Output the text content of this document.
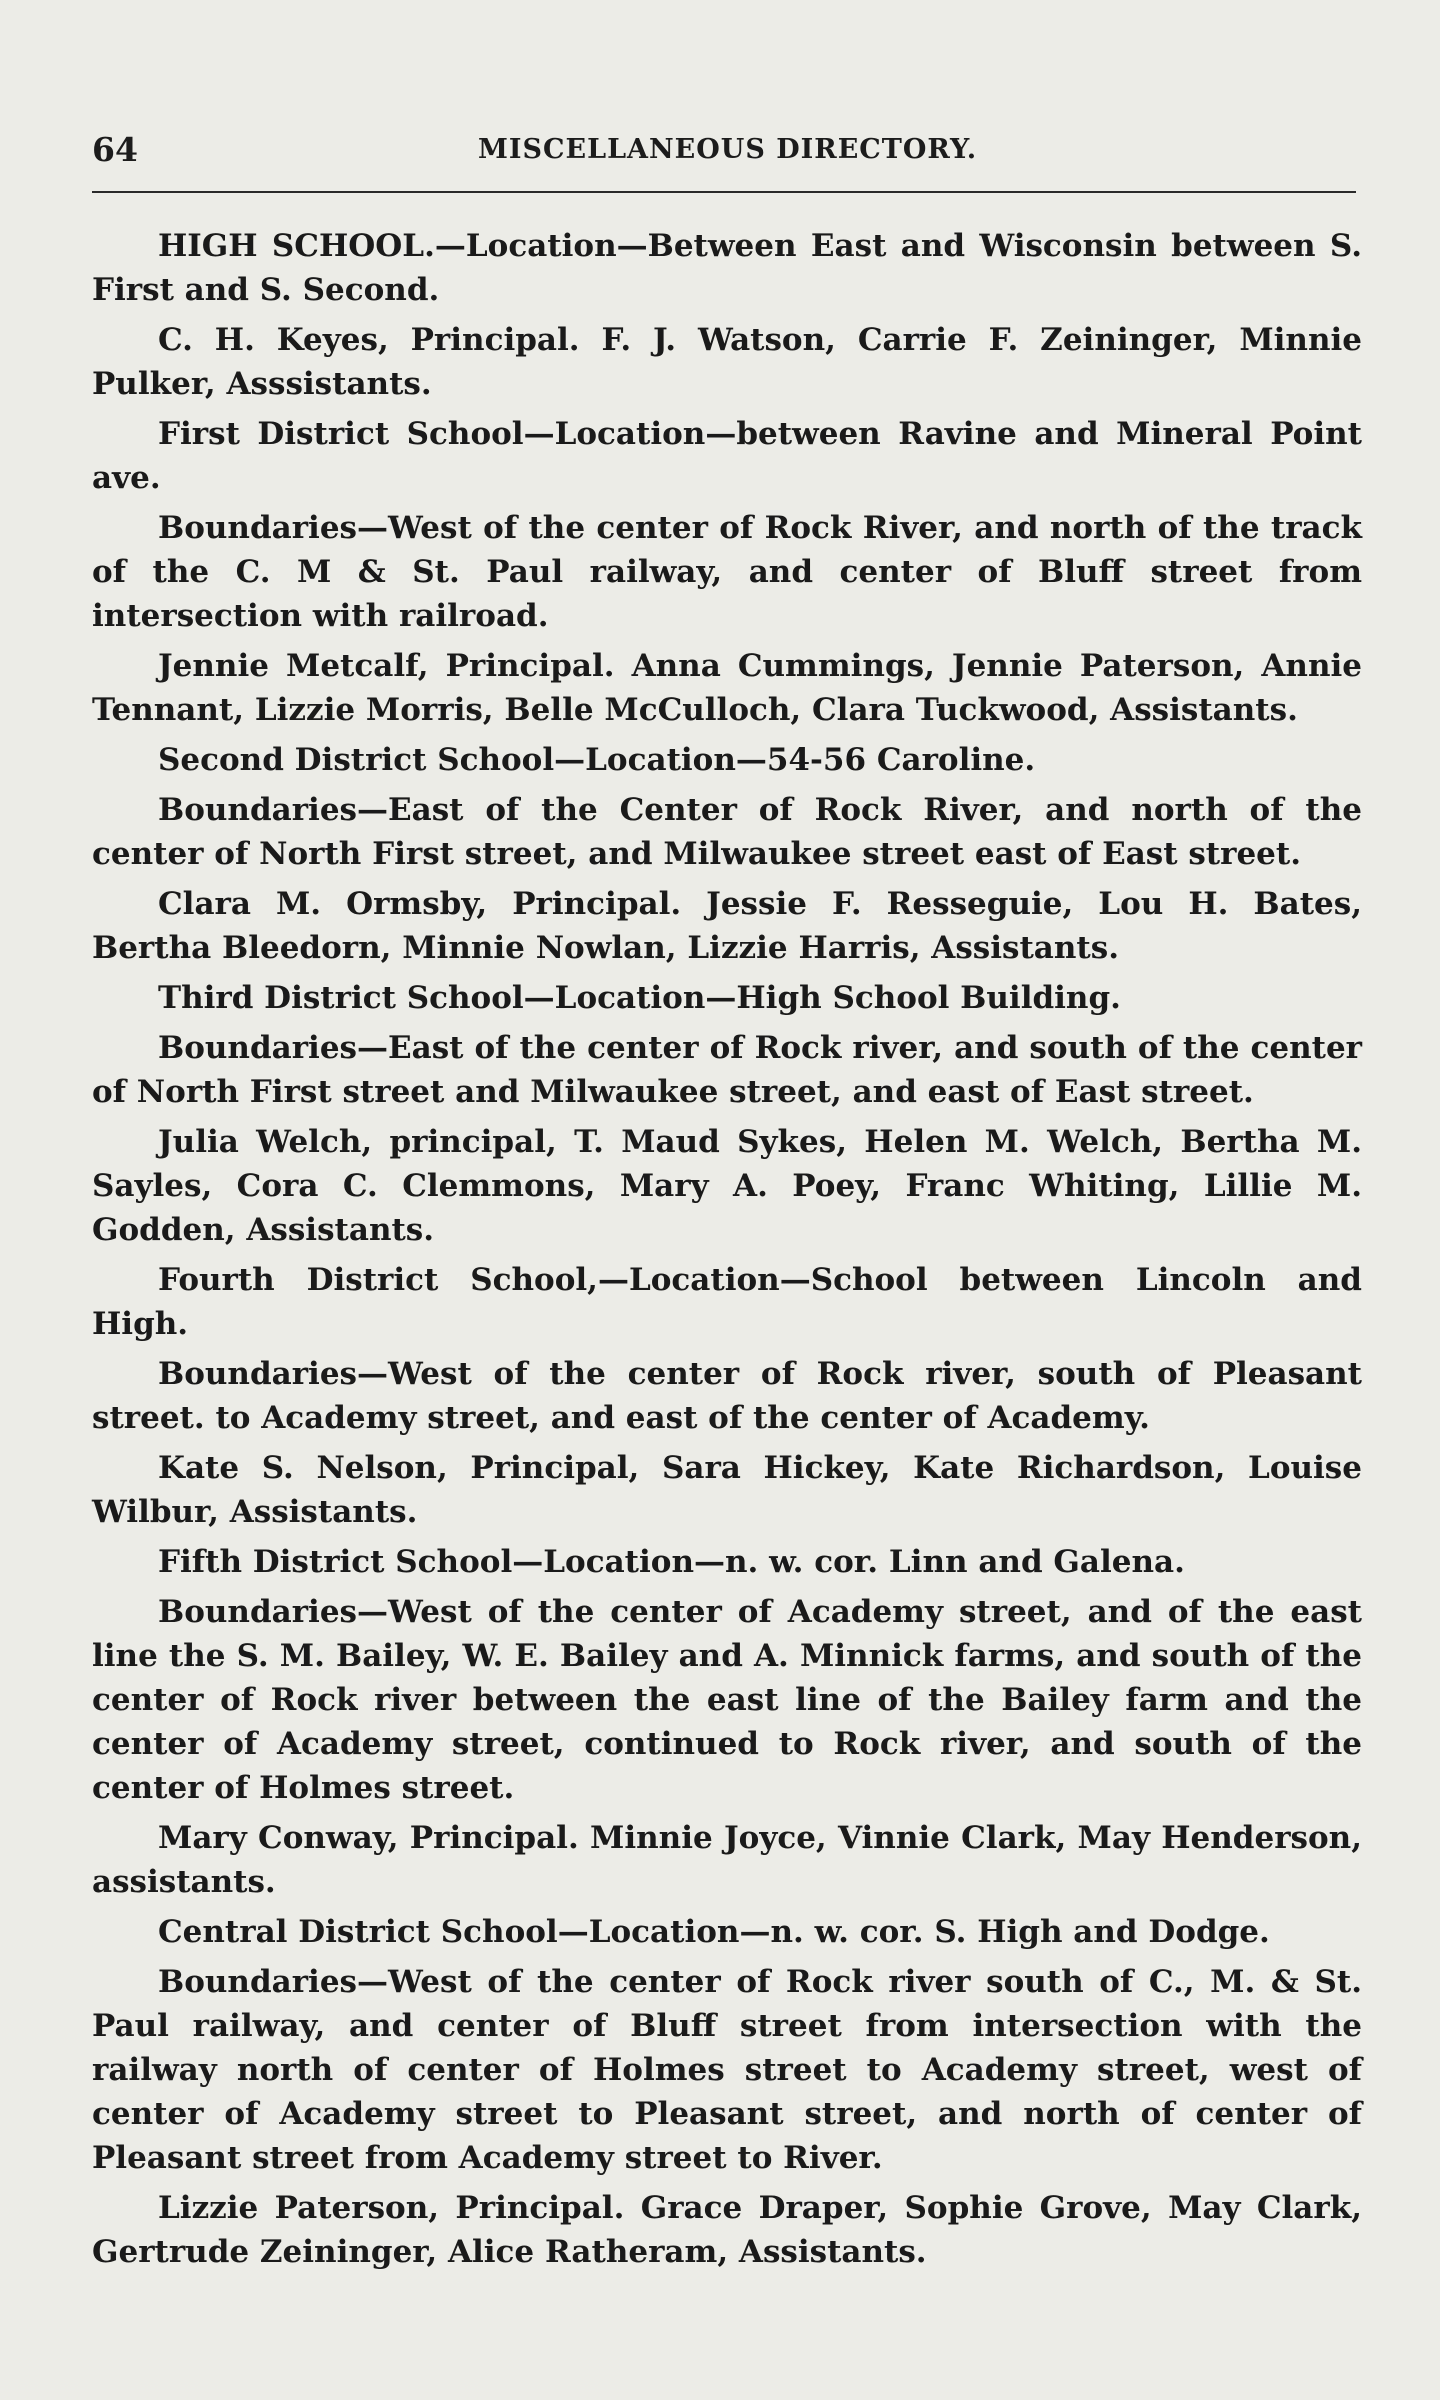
64	MISCELLANEOUS DIRECTORY.

HIGH SCHOOL.—Location—Between East and Wisconsin between S. First and S. Second.

C. H. Keyes, Principal. F. J. Watson, Carrie F. Zeininger, Minnie Pulker, Asssistants.

First District School—Location—between Ravine and Mineral Point ave.

Boundaries—West of the center of Rock River, and north of the track of the C. M & St. Paul railway, and center of Bluff street from intersection with railroad.

Jennie Metcalf, Principal. Anna Cummings, Jennie Paterson, Annie Tennant, Lizzie Morris, Belle McCulloch, Clara Tuckwood, Assistants.

Second District School—Location—54-56 Caroline.

Boundaries—East of the Center of Rock River, and north of the center of North First street, and Milwaukee street east of East street.

Clara M. Ormsby, Principal. Jessie F. Resseguie, Lou H. Bates, Bertha Bleedorn, Minnie Nowlan, Lizzie Harris, Assistants.

Third District School—Location—High School Building.

Boundaries—East of the center of Rock river, and south of the center of North First street and Milwaukee street, and east of East street.

Julia Welch, principal, T. Maud Sykes, Helen M. Welch, Bertha M. Sayles, Cora C. Clemmons, Mary A. Poey, Franc Whiting, Lillie M. Godden, Assistants.

Fourth District School,—Location—School between Lincoln and High.

Boundaries—West of the center of Rock river, south of Pleasant street. to Academy street, and east of the center of Academy.

Kate S. Nelson, Principal, Sara Hickey, Kate Richardson, Louise Wilbur, Assistants.

Fifth District School—Location—n. w. cor. Linn and Galena.

Boundaries—West of the center of Academy street, and of the east line the S. M. Bailey, W. E. Bailey and A. Minnick farms, and south of the center of Rock river between the east line of the Bailey farm and the center of Academy street, continued to Rock river, and south of the center of Holmes street.

Mary Conway, Principal. Minnie Joyce, Vinnie Clark, May Henderson, assistants.

Central District School—Location—n. w. cor. S. High and Dodge.

Boundaries—West of the center of Rock river south of C., M. & St. Paul railway, and center of Bluff street from intersection with the railway north of center of Holmes street to Academy street, west of center of Academy street to Pleasant street, and north of center of Pleasant street from Academy street to River.

Lizzie Paterson, Principal. Grace Draper, Sophie Grove, May Clark, Gertrude Zeininger, Alice Ratheram, Assistants.
